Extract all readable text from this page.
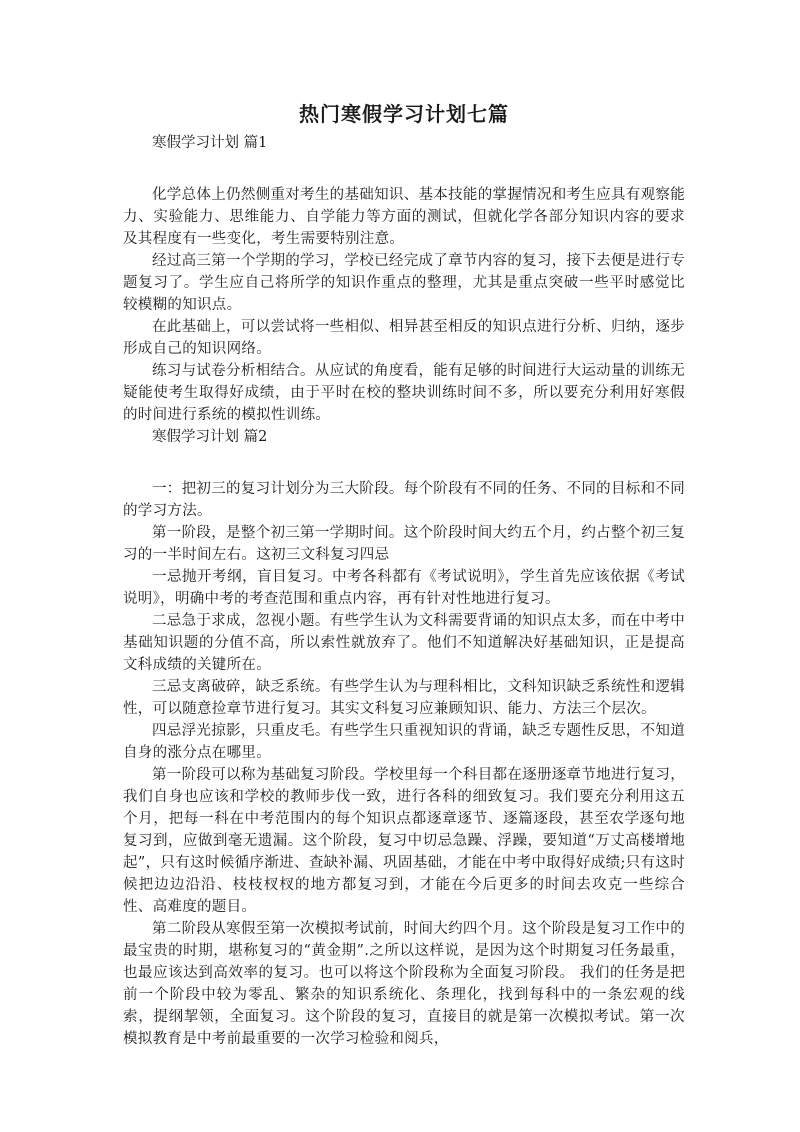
热门寒假学习计划七篇

寒假学习计划 篇1

化学总体上仍然侧重对考生的基础知识、基本技能的掌握情况和考生应具有观察能力、实验能力、思维能力、自学能力等方面的测试，但就化学各部分知识内容的要求及其程度有一些变化，考生需要特别注意。

经过高三第一个学期的学习，学校已经完成了章节内容的复习，接下去便是进行专题复习了。学生应自己将所学的知识作重点的整理，尤其是重点突破一些平时感觉比较模糊的知识点。

在此基础上，可以尝试将一些相似、相异甚至相反的知识点进行分析、归纳，逐步形成自己的知识网络。

练习与试卷分析相结合。从应试的角度看，能有足够的时间进行大运动量的训练无疑能使考生取得好成绩，由于平时在校的整块训练时间不多，所以要充分利用好寒假的时间进行系统的模拟性训练。

寒假学习计划 篇2

一：把初三的复习计划分为三大阶段。每个阶段有不同的任务、不同的目标和不同的学习方法。

第一阶段，是整个初三第一学期时间。这个阶段时间大约五个月，约占整个初三复习的一半时间左右。这初三文科复习四忌

一忌抛开考纲，盲目复习。中考各科都有《考试说明》，学生首先应该依据《考试说明》，明确中考的考查范围和重点内容，再有针对性地进行复习。

二忌急于求成，忽视小题。有些学生认为文科需要背诵的知识点太多，而在中考中基础知识题的分值不高，所以索性就放弃了。他们不知道解决好基础知识，正是提高文科成绩的关键所在。

三忌支离破碎，缺乏系统。有些学生认为与理科相比，文科知识缺乏系统性和逻辑性，可以随意捡章节进行复习。其实文科复习应兼顾知识、能力、方法三个层次。

四忌浮光掠影，只重皮毛。有些学生只重视知识的背诵，缺乏专题性反思，不知道自身的涨分点在哪里。

第一阶段可以称为基础复习阶段。学校里每一个科目都在逐册逐章节地进行复习，我们自身也应该和学校的教师步伐一致，进行各科的细致复习。我们要充分利用这五个月，把每一科在中考范围内的每个知识点都逐章逐节、逐篇逐段，甚至农学逐句地复习到，应做到毫无遗漏。这个阶段，复习中切忌急躁、浮躁，要知道“万丈高楼增地起”，只有这时候循序渐进、查缺补漏、巩固基础，才能在中考中取得好成绩;只有这时候把边边沿沿、枝枝杈杈的地方都复习到，才能在今后更多的时间去攻克一些综合性、高难度的题目。

第二阶段从寒假至第一次模拟考试前，时间大约四个月。这个阶段是复习工作中的最宝贵的时期，堪称复习的“黄金期”.之所以这样说，是因为这个时期复习任务最重，也最应该达到高效率的复习。也可以将这个阶段称为全面复习阶段。 我们的任务是把前一个阶段中较为零乱、繁杂的知识系统化、条理化，找到每科中的一条宏观的线索，提纲挈领，全面复习。这个阶段的复习，直接目的就是第一次模拟考试。第一次模拟教育是中考前最重要的一次学习检验和阅兵，
